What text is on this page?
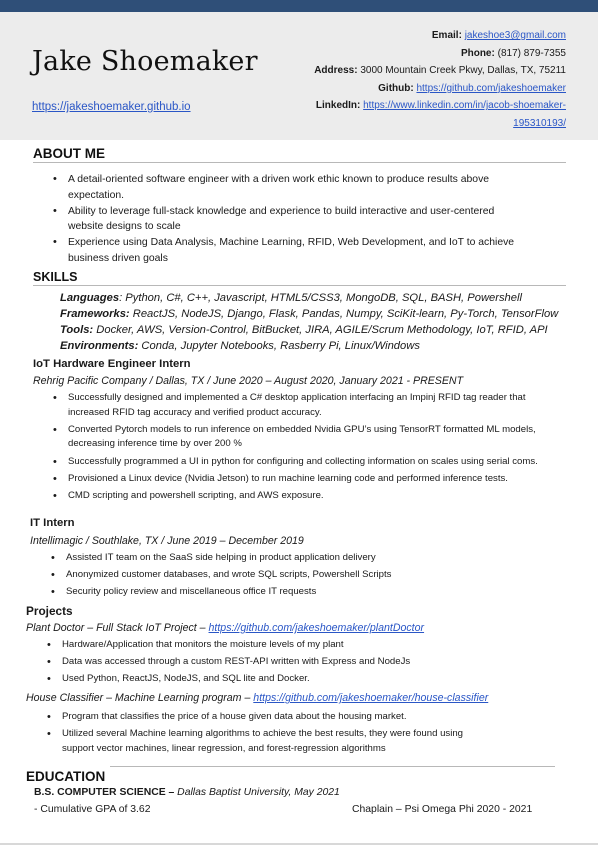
Jake Shoemaker
https://jakeshoemaker.github.io
Email: jakeshoe3@gmail.com
Phone: (817) 879-7355
Address: 3000 Mountain Creek Pkwy, Dallas, TX, 75211
Github: https://github.com/jakeshoemaker
LinkedIn: https://www.linkedin.com/in/jacob-shoemaker-
195310193/
ABOUT ME
• A detail-oriented software engineer with a driven work ethic known to produce results above expectation.
• Ability to leverage full-stack knowledge and experience to build interactive and user-centered website designs to scale
• Experience using Data Analysis, Machine Learning, RFID, Web Development, and IoT to achieve business driven goals
SKILLS
Languages: Python, C#, C++, Javascript, HTML5/CSS3, MongoDB, SQL, BASH, Powershell
Frameworks: ReactJS, NodeJS, Django, Flask, Pandas, Numpy, SciKit-learn, Py-Torch, TensorFlow
Tools: Docker, AWS, Version-Control, BitBucket, JIRA, AGILE/Scrum Methodology, IoT, RFID, API
Environments: Conda, Jupyter Notebooks, Rasberry Pi, Linux/Windows
IoT Hardware Engineer Intern
Rehrig Pacific Company / Dallas, TX / June 2020 – August 2020, January 2021 - PRESENT
• Successfully designed and implemented a C# desktop application interfacing an Impinj RFID tag reader that increased RFID tag accuracy and verified product accuracy.
• Converted Pytorch models to run inference on embedded Nvidia GPU’s using TensorRT formatted ML models, decreasing inference time by over 200 %
• Successfully programmed a UI in python for configuring and collecting information on scales using serial coms.
• Provisioned a Linux device (Nvidia Jetson) to run machine learning code and performed inference tests.
• CMD scripting and powershell scripting, and AWS exposure.
IT Intern
Intellimagic / Southlake, TX / June 2019 – December 2019
• Assisted IT team on the SaaS side helping in product application delivery
• Anonymized customer databases, and wrote SQL scripts, Powershell Scripts
• Security policy review and miscellaneous office IT requests
Projects
Plant Doctor – Full Stack IoT Project – https://github.com/jakeshoemaker/plantDoctor
• Hardware/Application that monitors the moisture levels of my plant
• Data was accessed through a custom REST-API written with Express and NodeJs
• Used Python, ReactJS, NodeJS, and SQL lite and Docker.
House Classifier – Machine Learning program – https://github.com/jakeshoemaker/house-classifier
• Program that classifies the price of a house given data about the housing market.
• Utilized several Machine learning algorithms to achieve the best results, they were found using support vector machines, linear regression, and forest-regression algorithms
EDUCATION
B.S. COMPUTER SCIENCE – Dallas Baptist University, May 2021
- Cumulative GPA of 3.62	Chaplain – Psi Omega Phi 2020 - 2021
